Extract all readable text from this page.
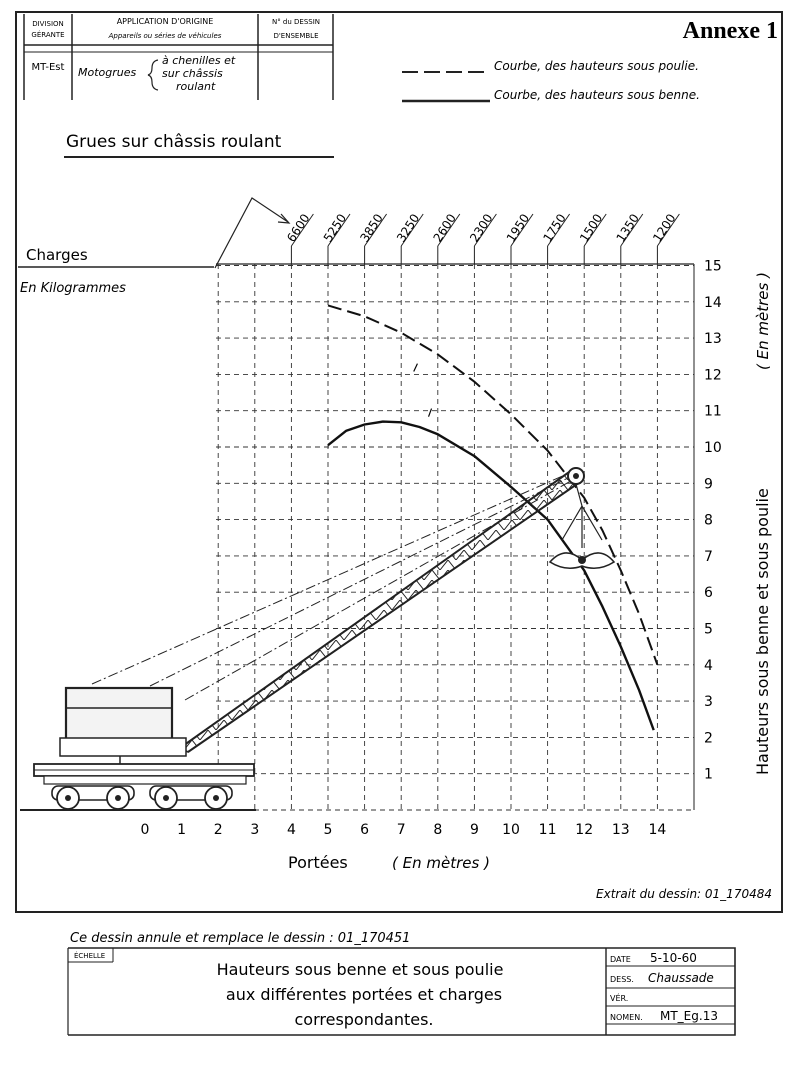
DIVISION
GÉRANTE
MT-Est
APPLICATION D'ORIGINE
Appareils ou séries de véhicules
Motogrues
à chenilles et
sur châssis
roulant
N° du DESSIN
D'ENSEMBLE	Annexe 1
Courbe, des hauteurs sous poulie.
Courbe, des hauteurs sous benne.
Grues sur châssis roulant
Charges
En Kilogrammes
6600 5250 3850 3250 2600 2300 1950 1750 1500 1350 1200
0 1 2 3 4 5 6 7 8 9 10 11 12 13 14
1
2
3
4
5
6
7
8
9
10
11
12
13
14
15
I
I
Portées	( En mètres )
Hauteurs sous benne et sous poulie
( En mètres )
Extrait du dessin: 01_170484
Ce dessin annule et remplace le dessin : 01_170451
ÉCHELLE
Hauteurs sous benne et sous poulie
aux différentes portées et charges
correspondantes.
DATE 5-10-60
DESS. Chaussade
VÉR.
NOMEN. MT_Eg.13
